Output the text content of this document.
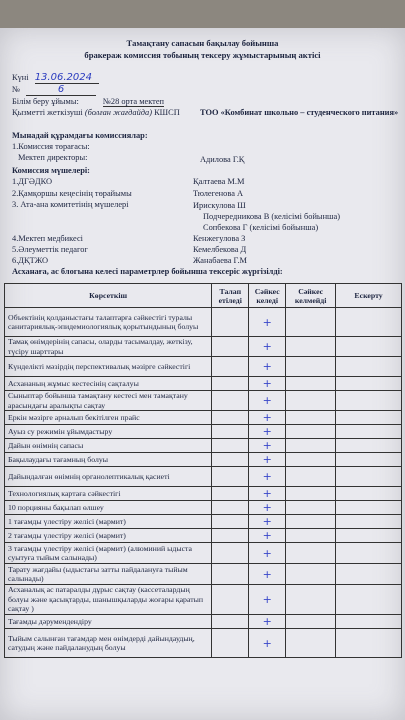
Тамақтану сапасын бақылау бойынша
бракераж комиссия тобының тексеру жұмыстарының актісі
Күні 13.06.2024
№	6
Білім беру ұйымы:	№28 орта мектеп
Қызметті жеткізуші (болған жағдайда) КШСП ТОО «Комбинат школьно – студенческого питания»
Мынадай құрамдағы комиссиялар:
1.Комиссия төрағасы:
Мектеп директоры:	Адилова Г.Қ
Комиссия мүшелері:
1.ДГӘДКО	Қалтаева М.М
2.Қамқоршы кеңесінің төрайымы	Тюлегенова А
3. Ата-ана комитетінің мүшелері	Ирискулова Ш
Подчередникова В (келісімі бойынша)
Сопбекова Г (келісімі бойынша)
4.Мектеп медбикесі	Кенжегулова З
5.Әлеуметтік педагог	Кемелбекова Д
6.ДҚТЖО	Жанабаева Г.М
Асханаға, ас блогына келесі параметрлер бойынша тексеріс жүргізілді:
Көрсеткіш	Талап етіледі	Сәйкес келеді	Сәйкес келмейді	Ескерту
Объектінің қолданыстағы талаптарға сәйкестігі туралы санитариялық-эпидемиологиялық қорытындының болуы		+		
Тамақ өнімдерінің сапасы, оларды тасымалдау, жеткізу, түсіру шарттары		+		
Күнделікті мәзірдің перспективалық мәзірге сәйкестігі		+		
Асхананың жұмыс кестесінің сақталуы		+		
Сыныптар бойынша тамақтану кестесі мен тамақтану арасындағы аралықты сақтау		+		
Еркін мәзірге арналып бекітілген прайс		+		
Ауыз су режимін ұйымдастыру		+		
Дайын өнімнің сапасы		+		
Бақылаудағы тағамның болуы		+		
Дайындалған өнімнің органолептикалық қасиеті		+		
Технологиялық картаға сәйкестігі		+		
10 порцияны бақылап өлшеу		+		
1 тағамды үлестіру желісі (мармит)		+		
2 тағамды үлестіру желісі (мармит)		+		
3 тағамды үлестіру желісі (мармит) (алюминий ыдыста суытуға тыйым салынады)		+		
Тарату жағдайы (ыдыстағы затты пайдалануға тыйым салынады)		+		
Асханалық ас патаралды дұрыс сақтау (кассеталардың болуы және қасықтарды, шанышқыларды жоғары қаратып сақтау )		+		
Тағамды дәрумендендіру		+		
Тыйым салынған тағамдар мен өнімдерді дайындаудың, сатудың және пайдаланудың болуы		+		
